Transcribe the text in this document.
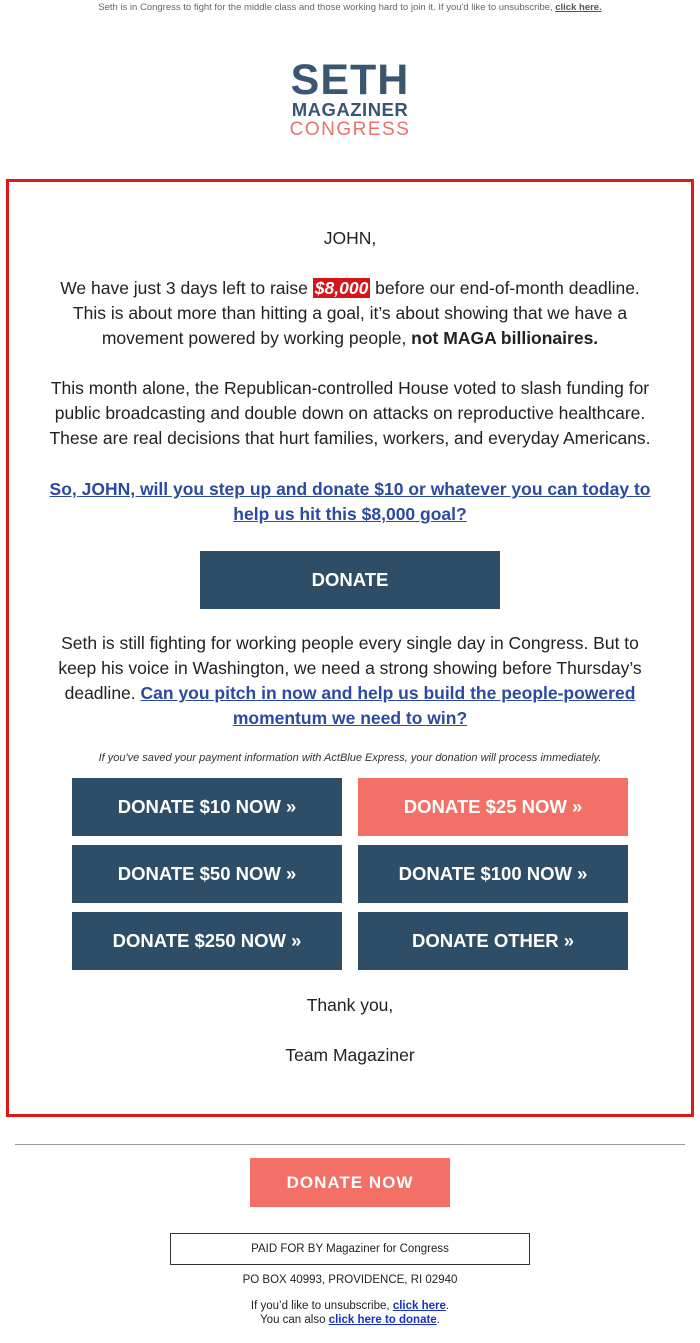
Seth is in Congress to fight for the middle class and those working hard to join it. If you'd like to unsubscribe, click here.
SETH
MAGAZINER
CONGRESS

JOHN,

We have just 3 days left to raise $8,000 before our end-of-month deadline. This is about more than hitting a goal, it’s about showing that we have a movement powered by working people, not MAGA billionaires.

This month alone, the Republican-controlled House voted to slash funding for public broadcasting and double down on attacks on reproductive healthcare. These are real decisions that hurt families, workers, and everyday Americans.

So, JOHN, will you step up and donate $10 or whatever you can today to help us hit this $8,000 goal?

DONATE

Seth is still fighting for working people every single day in Congress. But to keep his voice in Washington, we need a strong showing before Thursday’s deadline. Can you pitch in now and help us build the people-powered momentum we need to win?

If you've saved your payment information with ActBlue Express, your donation will process immediately.
DONATE $10 NOW »	DONATE $25 NOW »
DONATE $50 NOW »	DONATE $100 NOW »
DONATE $250 NOW »	DONATE OTHER »

Thank you,

Team Magaziner

DONATE NOW
PAID FOR BY Magaziner for Congress
PO BOX 40993, PROVIDENCE, RI 02940
If you’d like to unsubscribe, click here.
You can also click here to donate.
